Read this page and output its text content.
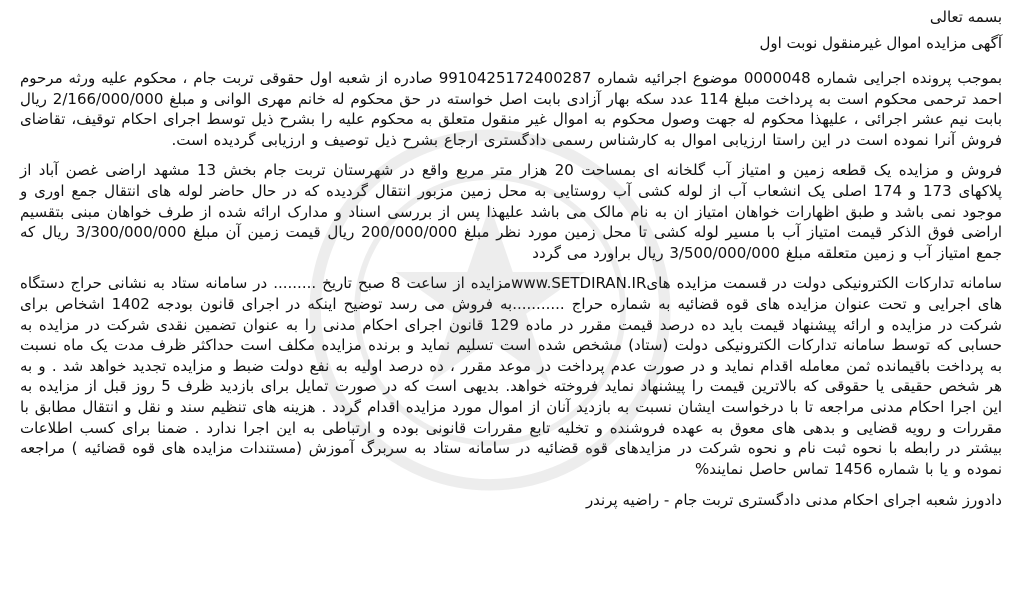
بسمه تعالی
آگهی مزایده اموال غیرمنقول نوبت اول

بموجب پرونده اجرایی شماره 0000048 موضوع اجرائیه شماره 9910425172400287 صادره از شعبه اول حقوقی تربت جام ، محکوم علیه ورثه مرحوم احمد ترحمی محکوم است به پرداخت مبلغ 114 عدد سکه بهار آزادی بابت اصل خواسته در حق محکوم له خانم مهری الوانی و مبلغ 2/166/000/000 ریال بابت نیم عشر اجرائی ، علیهذا محکوم له جهت وصول محکوم به اموال غیر منقول متعلق به محکوم علیه را بشرح ذیل توسط اجرای احکام توقیف، تقاضای فروش آنرا نموده است در این راستا ارزیابی اموال به کارشناس رسمی دادگستری ارجاع بشرح ذیل توصیف و ارزیابی گردیده است.

فروش و مزایده یک قطعه زمین و امتیاز آب گلخانه ای بمساحت 20 هزار متر مربع واقع در شهرستان تربت جام بخش 13 مشهد اراضی غصن آباد از پلاکهای 173 و 174 اصلی یک انشعاب آب از لوله کشی آب روستایی به محل زمین مزبور انتقال گردیده که در حال حاضر لوله های انتقال جمع اوری و موجود نمی باشد و طبق اظهارات خواهان امتیاز ان به نام مالک می باشد علیهذا پس از بررسی اسناد و مدارک ارائه شده از طرف خواهان مبنی بتقسیم اراضی فوق الذکر قیمت امتیاز آب با مسیر لوله کشی تا محل زمین مورد نظر مبلغ 200/000/000 ریال قیمت زمین آن مبلغ 3/300/000/000 ریال که جمع امتیاز آب و زمین متعلقه مبلغ 3/500/000/000 ریال براورد می گردد

سامانه تدارکات الکترونیکی دولت در قسمت مزایده هایwww.SETDIRAN.IRمزایده از ساعت 8 صبح تاریخ ......... در سامانه ستاد به نشانی حراج دستگاه های اجرایی و تحت عنوان مزایده های قوه قضائیه به شماره حراج ...........به فروش می رسد توضیح اینکه در اجرای قانون بودجه 1402 اشخاص برای شرکت در مزایده و ارائه پیشنهاد قیمت باید ده درصد قیمت مقرر در ماده 129 قانون اجرای احکام مدنی را به عنوان تضمین نقدی شرکت در مزایده به حسابی که توسط سامانه تدارکات الکترونیکی دولت (ستاد) مشخص شده است تسلیم نماید و برنده مزایده مکلف است حداکثر ظرف مدت یک ماه نسبت به پرداخت باقیمانده ثمن معامله اقدام نماید و در صورت عدم پرداخت در موعد مقرر ، ده درصد اولیه به نفع دولت ضبط و مزایده تجدید خواهد شد . و به هر شخص حقیقی یا حقوقی که بالاترین قیمت را پیشنهاد نماید فروخته خواهد. بدیهی است که در صورت تمایل برای بازدید ظرف 5 روز قبل از مزایده به این اجرا احکام مدنی مراجعه تا با درخواست ایشان نسبت به بازدید آنان از اموال مورد مزایده اقدام گردد . هزینه های تنظیم سند و نقل و انتقال مطابق با مقررات و رویه قضایی و بدهی های معوق به عهده فروشنده و تخلیه تابع مقررات قانونی بوده و ارتباطی به این اجرا ندارد . ضمنا برای کسب اطلاعات بیشتر در رابطه با نحوه ثبت نام و نحوه شرکت در مزایدهای قوه قضائیه در سامانه ستاد به سربرگ آموزش (مستندات مزایده های قوه قضائیه ) مراجعه نموده و یا با شماره 1456 تماس حاصل نمایند%

دادورز شعبه اجرای احکام مدنی دادگستری تربت جام - راضیه پرندر
